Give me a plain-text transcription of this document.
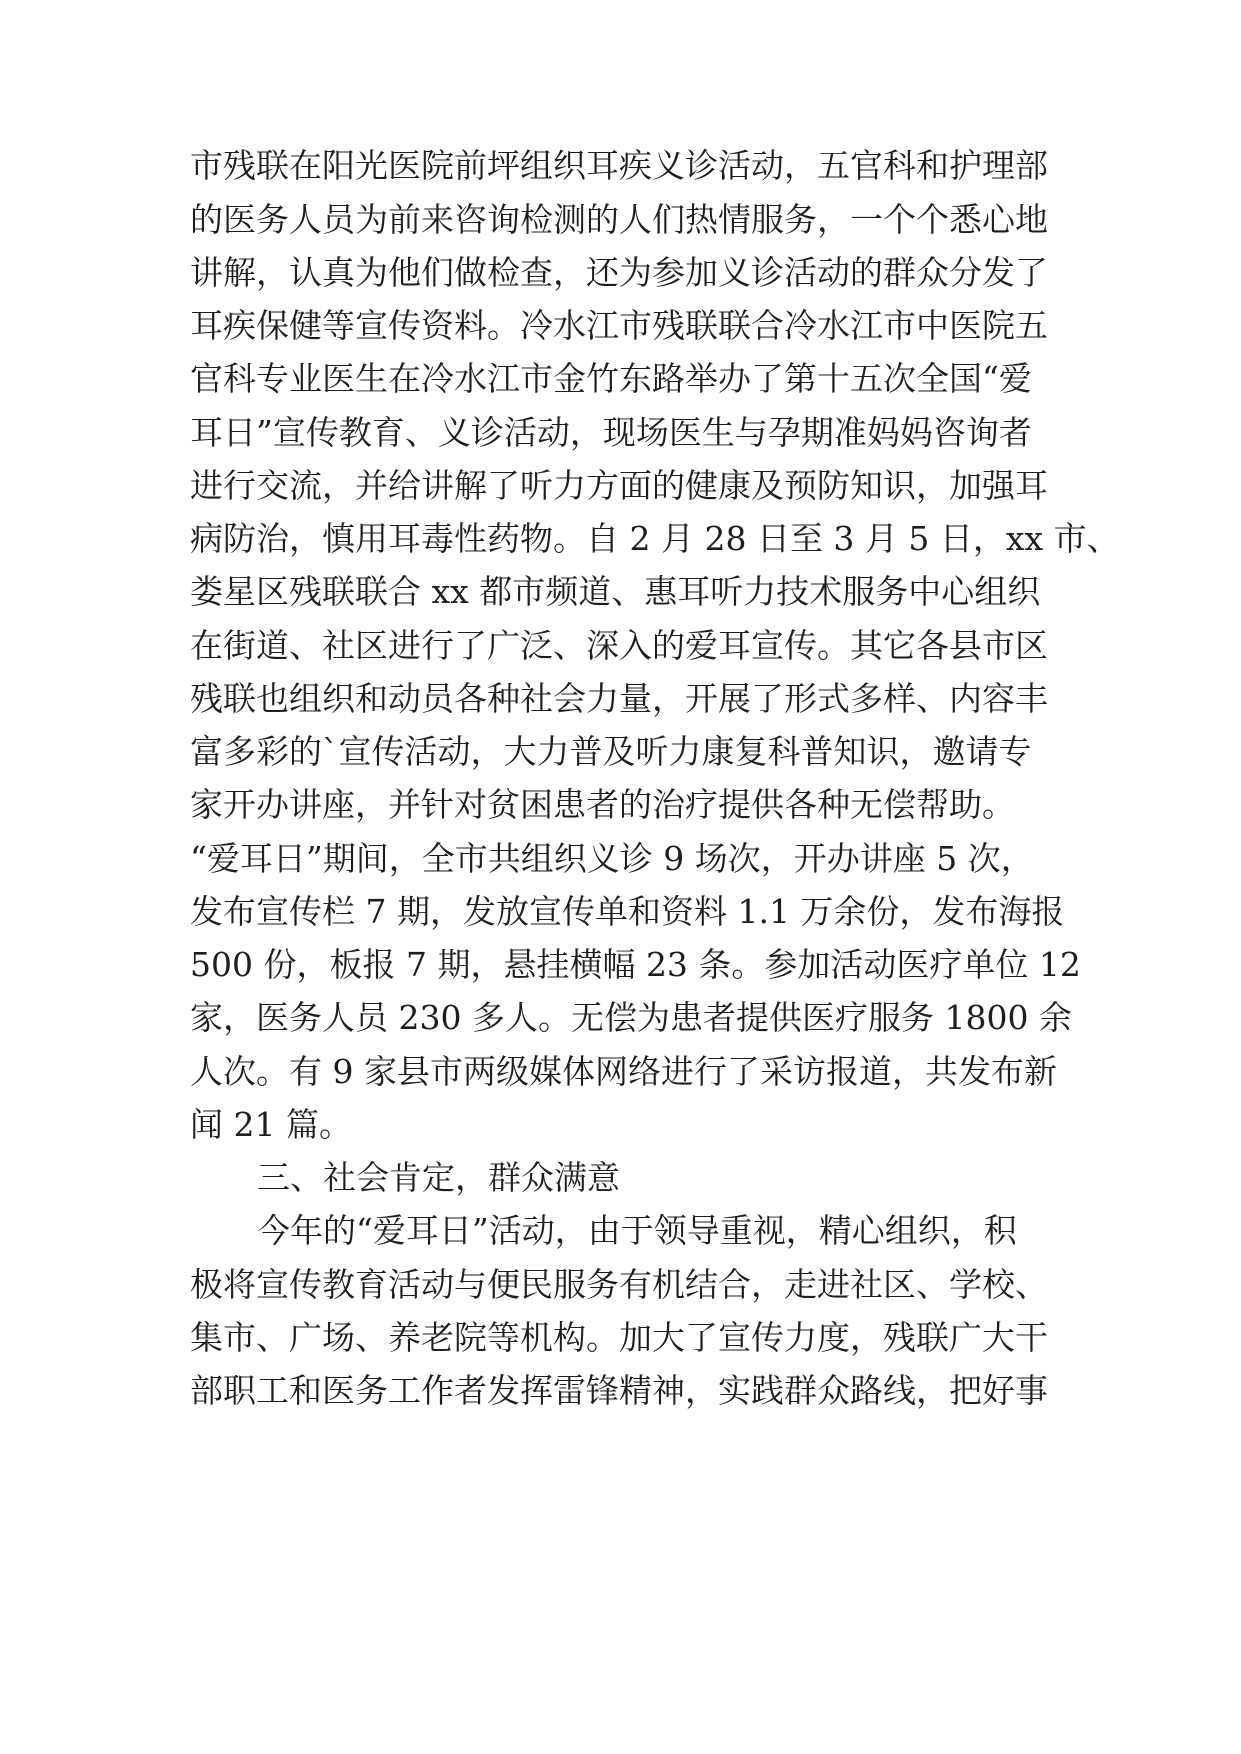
市残联在阳光医院前坪组织耳疾义诊活动，五官科和护理部
的医务人员为前来咨询检测的人们热情服务，一个个悉心地
讲解，认真为他们做检查，还为参加义诊活动的群众分发了
耳疾保健等宣传资料。冷水江市残联联合冷水江市中医院五
官科专业医生在冷水江市金竹东路举办了第十五次全国“爱
耳日”宣传教育、义诊活动，现场医生与孕期准妈妈咨询者
进行交流，并给讲解了听力方面的健康及预防知识，加强耳
病防治，慎用耳毒性药物。自 2 月 28 日至 3 月 5 日，xx 市、
娄星区残联联合 xx 都市频道、惠耳听力技术服务中心组织
在街道、社区进行了广泛、深入的爱耳宣传。其它各县市区
残联也组织和动员各种社会力量，开展了形式多样、内容丰
富多彩的`宣传活动，大力普及听力康复科普知识，邀请专
家开办讲座，并针对贫困患者的治疗提供各种无偿帮助。
“爱耳日”期间，全市共组织义诊 9 场次，开办讲座 5 次，
发布宣传栏 7 期，发放宣传单和资料 1.1 万余份，发布海报
500 份，板报 7 期，悬挂横幅 23 条。参加活动医疗单位 12
家，医务人员 230 多人。无偿为患者提供医疗服务 1800 余
人次。有 9 家县市两级媒体网络进行了采访报道，共发布新
闻 21 篇。
三、社会肯定，群众满意
今年的“爱耳日”活动，由于领导重视，精心组织，积
极将宣传教育活动与便民服务有机结合，走进社区、学校、
集市、广场、养老院等机构。加大了宣传力度，残联广大干
部职工和医务工作者发挥雷锋精神，实践群众路线，把好事
